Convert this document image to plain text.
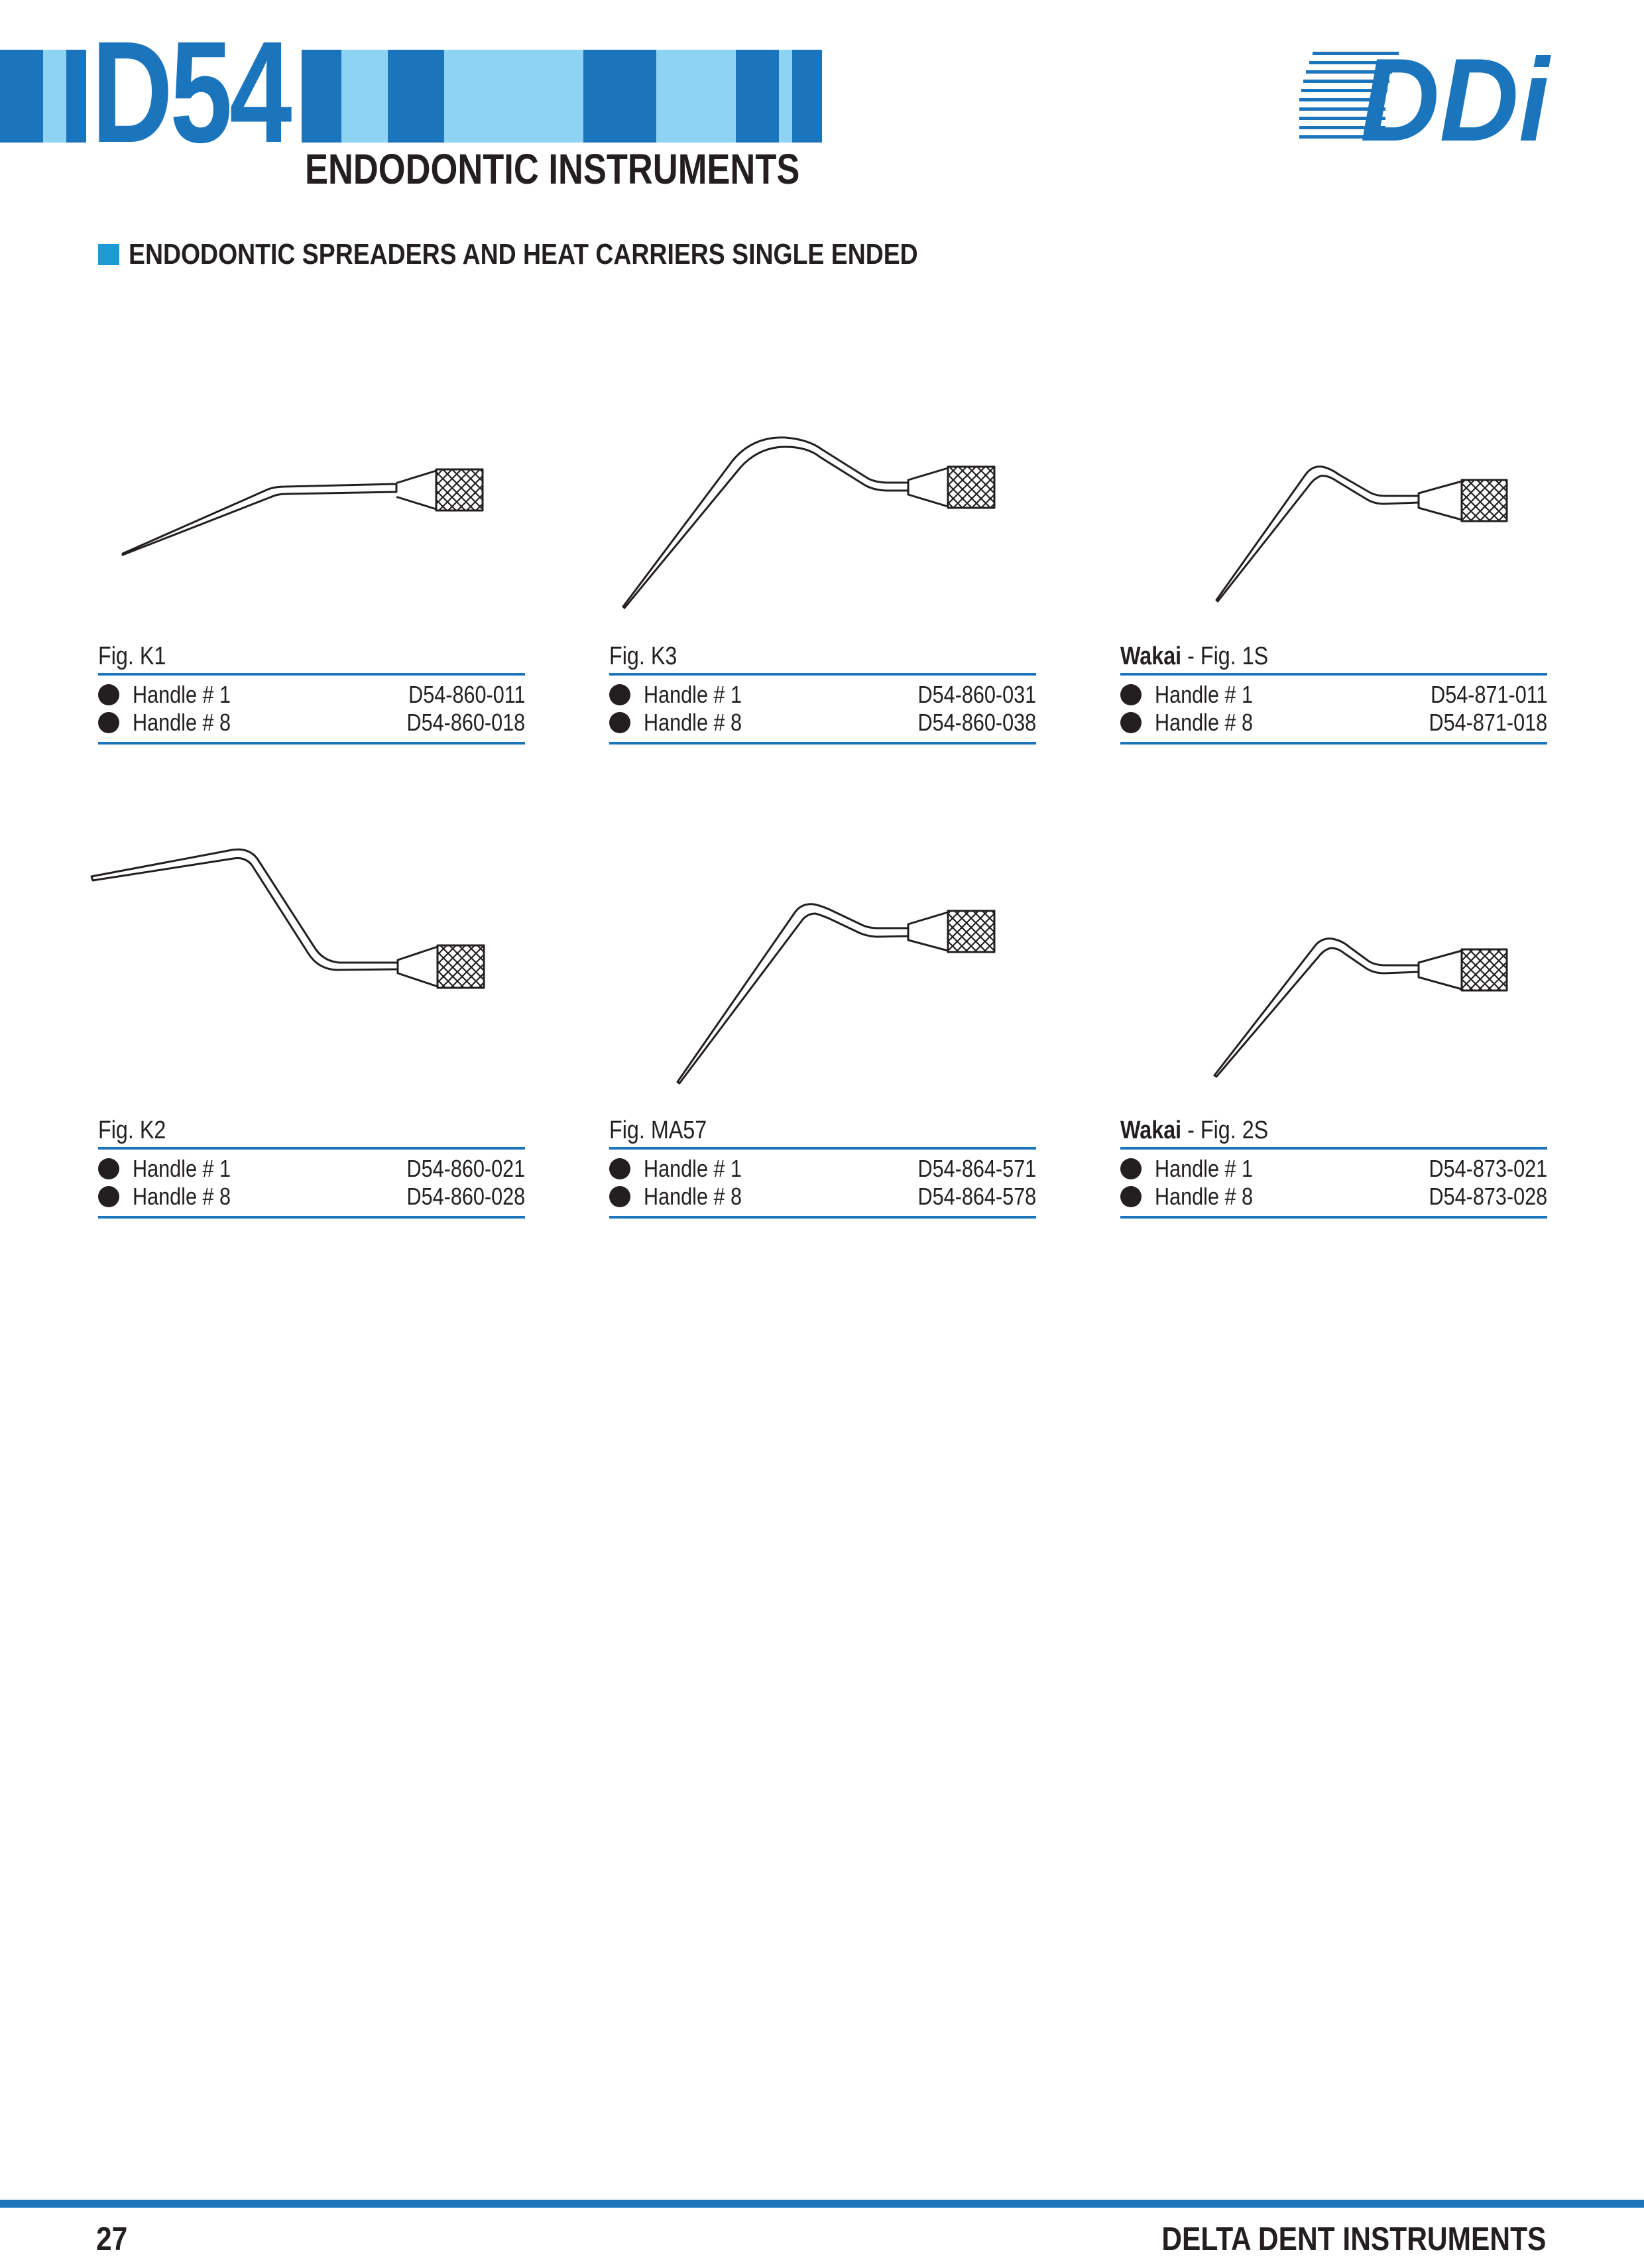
D54 ENDODONTIC INSTRUMENTS
DDi
ENDODONTIC SPREADERS AND HEAT CARRIERS SINGLE ENDED
Fig. K1
Handle # 1	D54-860-011
Handle # 8	D54-860-018
Fig. K3
Handle # 1	D54-860-031
Handle # 8	D54-860-038
Wakai - Fig. 1S
Handle # 1	D54-871-011
Handle # 8	D54-871-018
Fig. K2
Handle # 1	D54-860-021
Handle # 8	D54-860-028
Fig. MA57
Handle # 1	D54-864-571
Handle # 8	D54-864-578
Wakai - Fig. 2S
Handle # 1	D54-873-021
Handle # 8	D54-873-028
27	DELTA DENT INSTRUMENTS
